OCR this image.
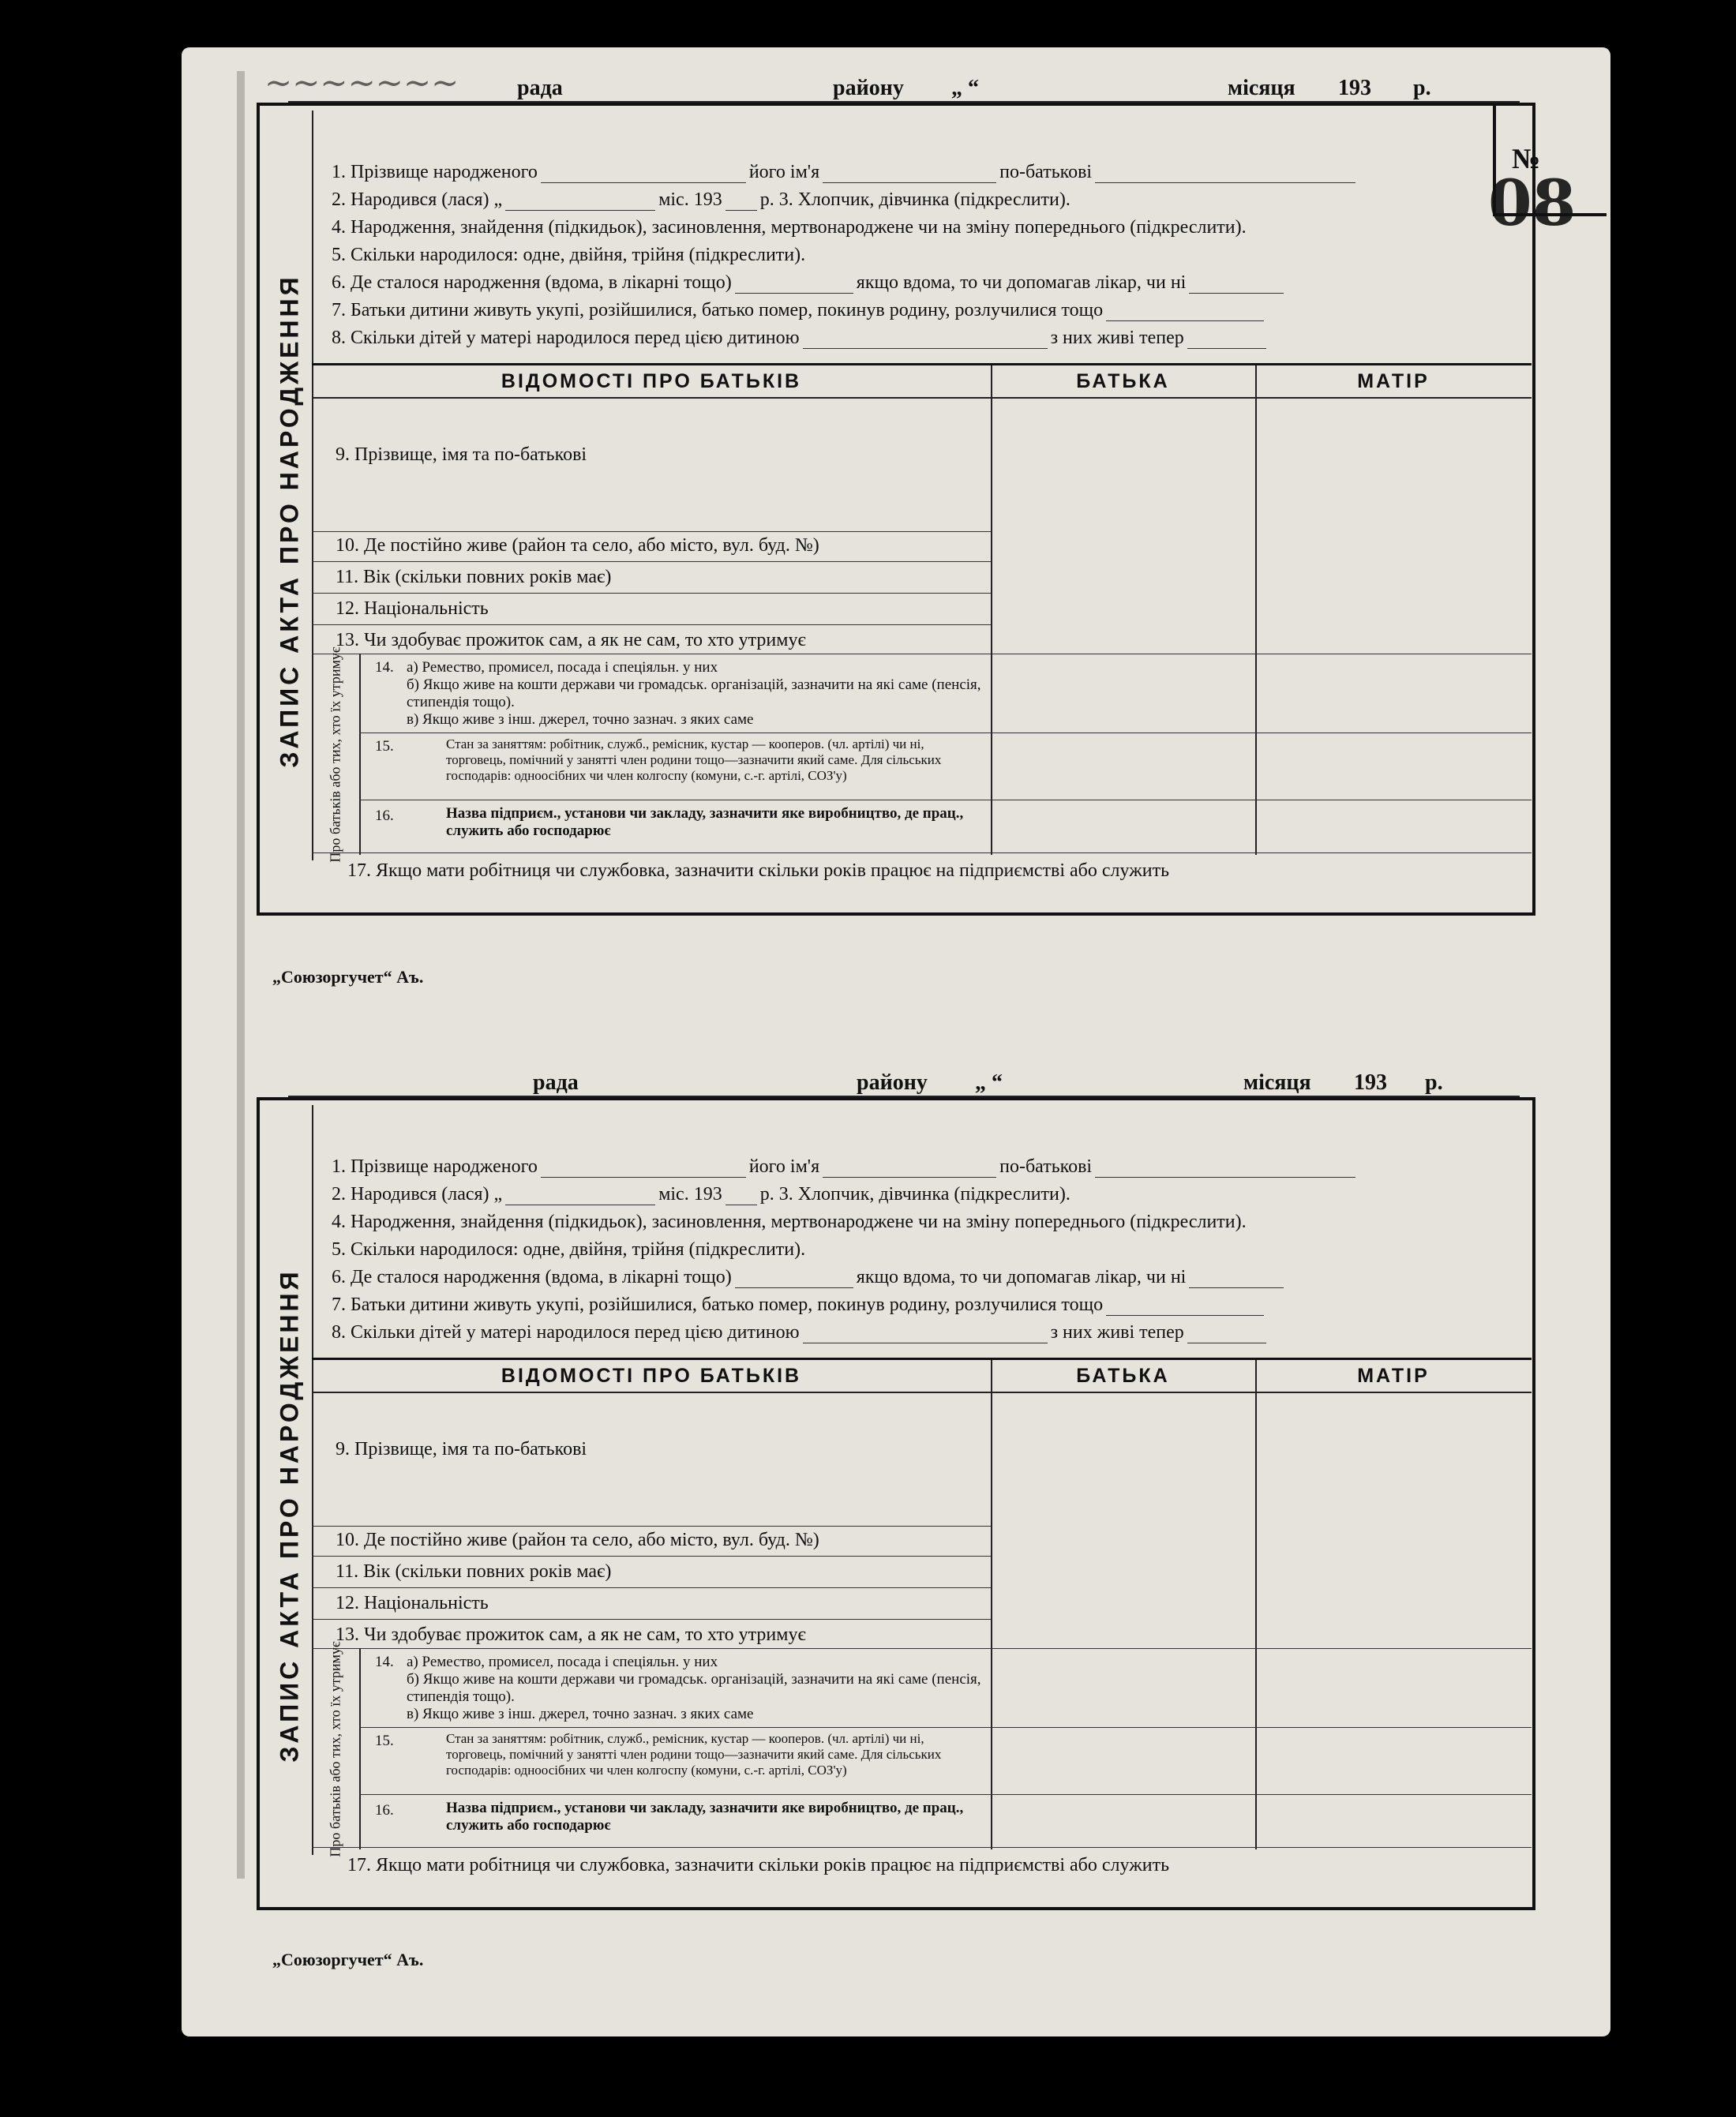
рада	району „ “	місяця 193 р.
№
ЗАПИС АКТА ПРО НАРОДЖЕННЯ
1. Прізвище народженого	його ім'я	по-батькові
2. Народився (лася) „	мiс. 193 р. 3. Хлопчик, дівчинка (підкреслити).
4. Народження, знайдення (підкидьок), засиновлення, мертвонароджене чи на зміну попереднього (підкреслити).
5. Скільки народилося: одне, двійня, трійня (підкреслити).
6. Де сталося народження (вдома, в лікарні тощо)	якщо вдома, то чи допомагав лікар, чи ні
7. Батьки дитини живуть укупі, розійшилися, батько помер, покинув родину, розлучилися тощо
8. Скільки дітей у матері народилося перед цією дитиною	з них живі тепер
ВІДОМОСТІ ПРО БАТЬКІВ	БАТЬКА	МАТІР
9. Прізвище, імя та по-батькові
10. Де постійно живе (район та село, або місто, вул. буд. №)
11. Вік (скільки повних років має)
12. Національність
13. Чи здобуває прожиток сам, а як не сам, то хто утримує
Про батьків або тих, хто їх утримує 14. а) Ремество, промисел, посада і спеціяльн. у них
б) Якщо живе на кошти держави чи громадськ. організацій, зазначити на які саме (пенсія, стипендія тощо).
в) Якщо живе з інш. джерел, точно зазнач. з яких саме
15.	Стан за заняттям: робітник, служб., ремісник, кустар — кооперов. (чл. артілі) чи ні, торговець, помічний у занятті член родини тощо—зазначити який саме. Для сільських господарів: одноосібних чи член колгоспу (комуни, с.-г. артілі, СОЗ'у)
16.	Назва підприєм., установи чи закладу, зазначити яке виробництво, де прац., служить або господарює
17. Якщо мати робітниця чи службовка, зазначити скільки років працює на підприємстві або служить
„Союзоргучет“ Аъ.
~~~~~~~
08
рада	району „ “	місяця 193 р.
ЗАПИС АКТА ПРО НАРОДЖЕННЯ
1. Прізвище народженого	його ім'я	по-батькові
2. Народився (лася) „	мiс. 193 р. 3. Хлопчик, дівчинка (підкреслити).
4. Народження, знайдення (підкидьок), засиновлення, мертвонароджене чи на зміну попереднього (підкреслити).
5. Скільки народилося: одне, двійня, трійня (підкреслити).
6. Де сталося народження (вдома, в лікарні тощо)	якщо вдома, то чи допомагав лікар, чи ні
7. Батьки дитини живуть укупі, розійшилися, батько помер, покинув родину, розлучилися тощо
8. Скільки дітей у матері народилося перед цією дитиною	з них живі тепер
ВІДОМОСТІ ПРО БАТЬКІВ	БАТЬКА	МАТІР
9. Прізвище, імя та по-батькові
10. Де постійно живе (район та село, або місто, вул. буд. №)
11. Вік (скільки повних років має)
12. Національність
13. Чи здобуває прожиток сам, а як не сам, то хто утримує
Про батьків або тих, хто їх утримує 14. а) Ремество, промисел, посада і спеціяльн. у них
б) Якщо живе на кошти держави чи громадськ. організацій, зазначити на які саме (пенсія, стипендія тощо).
в) Якщо живе з інш. джерел, точно зазнач. з яких саме
15.	Стан за заняттям: робітник, служб., ремісник, кустар — кооперов. (чл. артілі) чи ні, торговець, помічний у занятті член родини тощо—зазначити який саме. Для сільських господарів: одноосібних чи член колгоспу (комуни, с.-г. артілі, СОЗ'у)
16.	Назва підприєм., установи чи закладу, зазначити яке виробництво, де прац., служить або господарює
17. Якщо мати робітниця чи службовка, зазначити скільки років працює на підприємстві або служить
„Союзоргучет“ Аъ.
